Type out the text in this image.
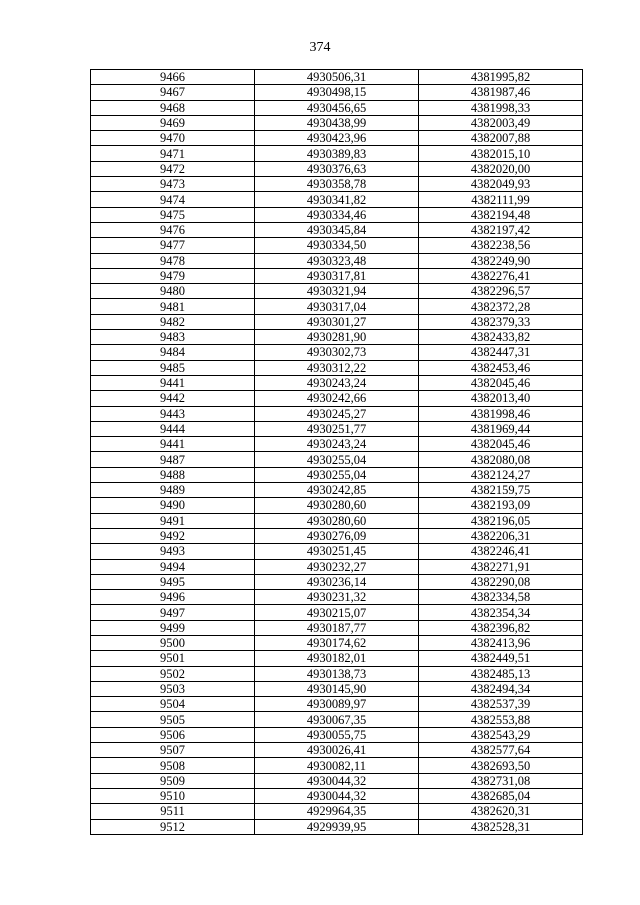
374
9466	4930506,31	4381995,82
9467	4930498,15	4381987,46
9468	4930456,65	4381998,33
9469	4930438,99	4382003,49
9470	4930423,96	4382007,88
9471	4930389,83	4382015,10
9472	4930376,63	4382020,00
9473	4930358,78	4382049,93
9474	4930341,82	4382111,99
9475	4930334,46	4382194,48
9476	4930345,84	4382197,42
9477	4930334,50	4382238,56
9478	4930323,48	4382249,90
9479	4930317,81	4382276,41
9480	4930321,94	4382296,57
9481	4930317,04	4382372,28
9482	4930301,27	4382379,33
9483	4930281,90	4382433,82
9484	4930302,73	4382447,31
9485	4930312,22	4382453,46
9441	4930243,24	4382045,46
9442	4930242,66	4382013,40
9443	4930245,27	4381998,46
9444	4930251,77	4381969,44
9441	4930243,24	4382045,46
9487	4930255,04	4382080,08
9488	4930255,04	4382124,27
9489	4930242,85	4382159,75
9490	4930280,60	4382193,09
9491	4930280,60	4382196,05
9492	4930276,09	4382206,31
9493	4930251,45	4382246,41
9494	4930232,27	4382271,91
9495	4930236,14	4382290,08
9496	4930231,32	4382334,58
9497	4930215,07	4382354,34
9499	4930187,77	4382396,82
9500	4930174,62	4382413,96
9501	4930182,01	4382449,51
9502	4930138,73	4382485,13
9503	4930145,90	4382494,34
9504	4930089,97	4382537,39
9505	4930067,35	4382553,88
9506	4930055,75	4382543,29
9507	4930026,41	4382577,64
9508	4930082,11	4382693,50
9509	4930044,32	4382731,08
9510	4930044,32	4382685,04
9511	4929964,35	4382620,31
9512	4929939,95	4382528,31
